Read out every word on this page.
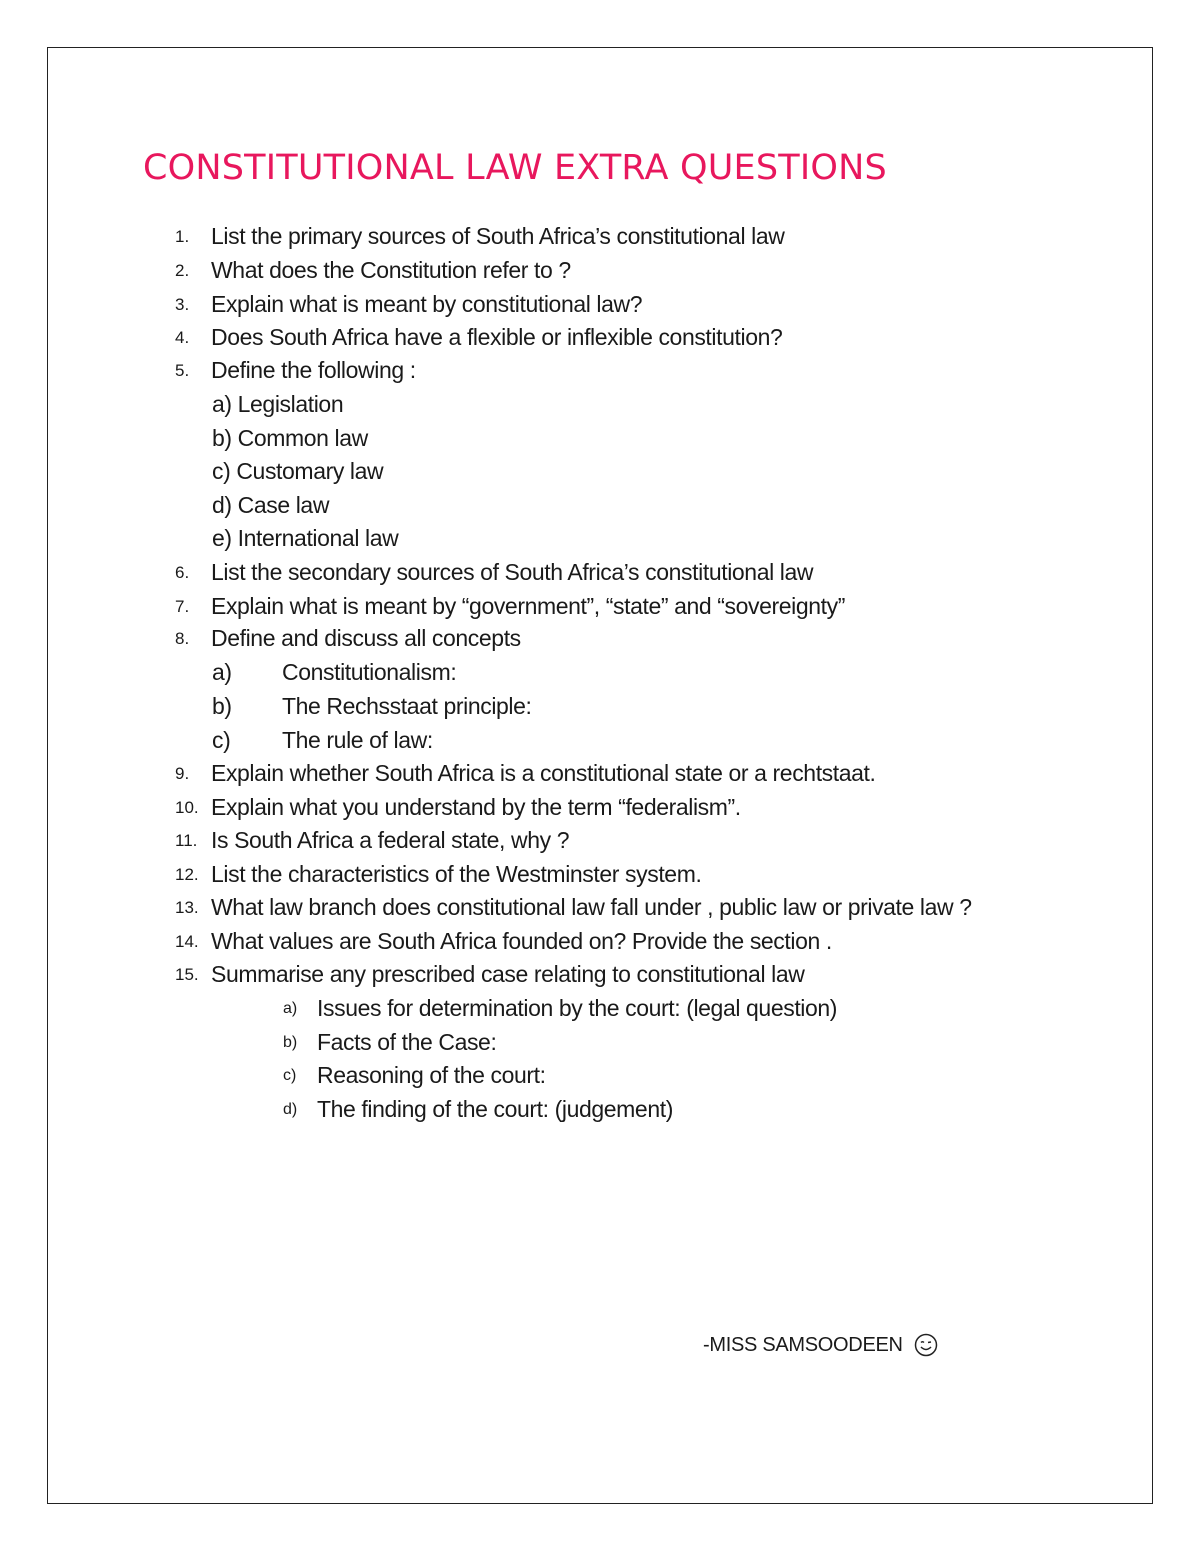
CONSTITUTIONAL LAW EXTRA QUESTIONS
1. List the primary sources of South Africa’s constitutional law
2. What does the Constitution refer to ?
3. Explain what is meant by constitutional law?
4. Does South Africa have a flexible or inflexible constitution?
5. Define the following :
a) Legislation
b) Common law
c) Customary law
d) Case law
e) International law
6. List the secondary sources of South Africa’s constitutional law
7. Explain what is meant by “government”, “state” and “sovereignty”
8. Define and discuss all concepts
a) Constitutionalism:
b) The Rechsstaat principle:
c) The rule of law:
9. Explain whether South Africa is a constitutional state or a rechtstaat.
10. Explain what you understand by the term “federalism”.
11. Is South Africa a federal state, why ?
12. List the characteristics of the Westminster system.
13. What law branch does constitutional law fall under , public law or private law ?
14. What values are South Africa founded on? Provide the section .
15. Summarise any prescribed case relating to constitutional law
a) Issues for determination by the court: (legal question)
b) Facts of the Case:
c) Reasoning of the court:
d) The finding of the court: (judgement)
-MISS SAMSOODEEN
